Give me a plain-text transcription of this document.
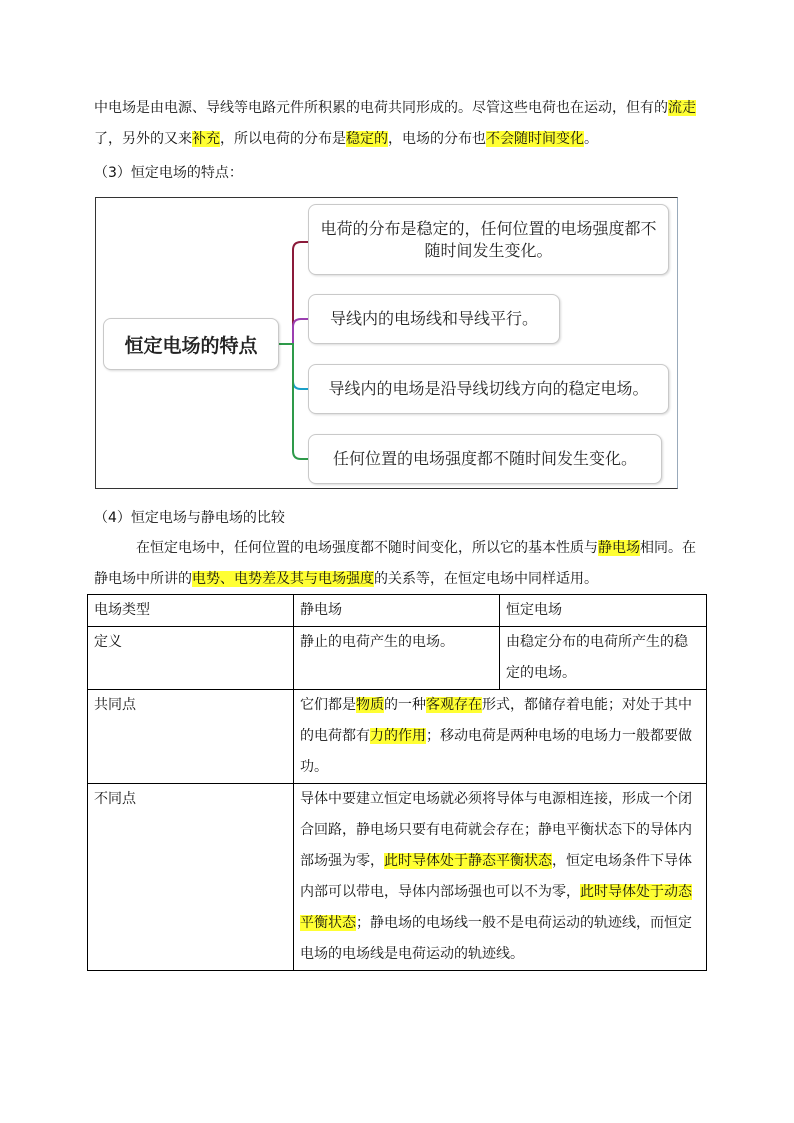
中电场是由电源、导线等电路元件所积累的电荷共同形成的。尽管这些电荷也在运动，但有的流走了，另外的又来补充，所以电荷的分布是稳定的，电场的分布也不会随时间变化。
（3）恒定电场的特点：
恒定电场的特点
电荷的分布是稳定的，任何位置的电场强度都不随时间发生变化。
导线内的电场线和导线平行。
导线内的电场是沿导线切线方向的稳定电场。
任何位置的电场强度都不随时间发生变化。
（4）恒定电场与静电场的比较
在恒定电场中，任何位置的电场强度都不随时间变化，所以它的基本性质与静电场相同。在静电场中所讲的电势、电势差及其与电场强度的关系等，在恒定电场中同样适用。
电场类型	静电场	恒定电场
定义	静止的电荷产生的电场。	由稳定分布的电荷所产生的稳定的电场。
共同点	它们都是物质的一种客观存在形式，都储存着电能；对处于其中的电荷都有力的作用；移动电荷是两种电场的电场力一般都要做功。	
不同点	导体中要建立恒定电场就必须将导体与电源相连接，形成一个闭合回路，静电场只要有电荷就会存在；静电平衡状态下的导体内部场强为零，此时导体处于静态平衡状态，恒定电场条件下导体内部可以带电，导体内部场强也可以不为零，此时导体处于动态平衡状态；静电场的电场线一般不是电荷运动的轨迹线，而恒定电场的电场线是电荷运动的轨迹线。	
